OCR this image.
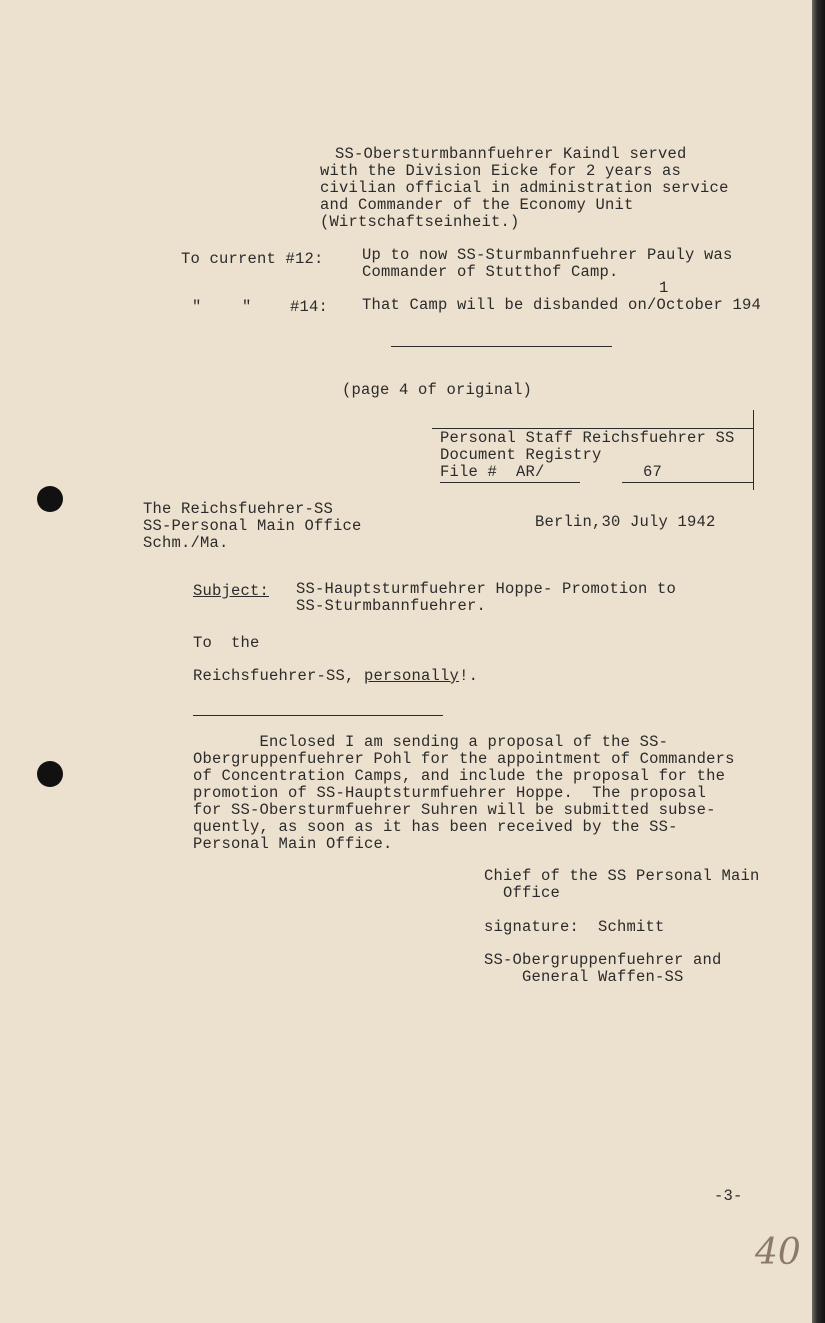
SS-Obersturmbannfuehrer Kaindl served
with the Division Eicke for 2 years as
civilian official in administration service
and Commander of the Economy Unit
(Wirtschaftseinheit.)
To current #12: Up to now SS-Sturmbannfuehrer Pauly was
Commander of Stutthof Camp.
"	" #14:
1
That Camp will be disbanded on/October 194
(page 4 of original)
Personal Staff Reichsfuehrer SS
Document Registry
File #  AR/	67
The Reichsfuehrer-SS
SS-Personal Main Office
Schm./Ma.
Berlin,30 July 1942
Subject: SS-Hauptsturmfuehrer Hoppe- Promotion to
SS-Sturmbannfuehrer.
To  the
Reichsfuehrer-SS, personally!.
Enclosed I am sending a proposal of the SS-
Obergruppenfuehrer Pohl for the appointment of Commanders
of Concentration Camps, and include the proposal for the
promotion of SS-Hauptsturmfuehrer Hoppe.  The proposal
for SS-Obersturmfuehrer Suhren will be submitted subse-
quently, as soon as it has been received by the SS-
Personal Main Office.
Chief of the SS Personal Main
Office
signature:  Schmitt
SS-Obergruppenfuehrer and
General Waffen-SS
-3-
40
